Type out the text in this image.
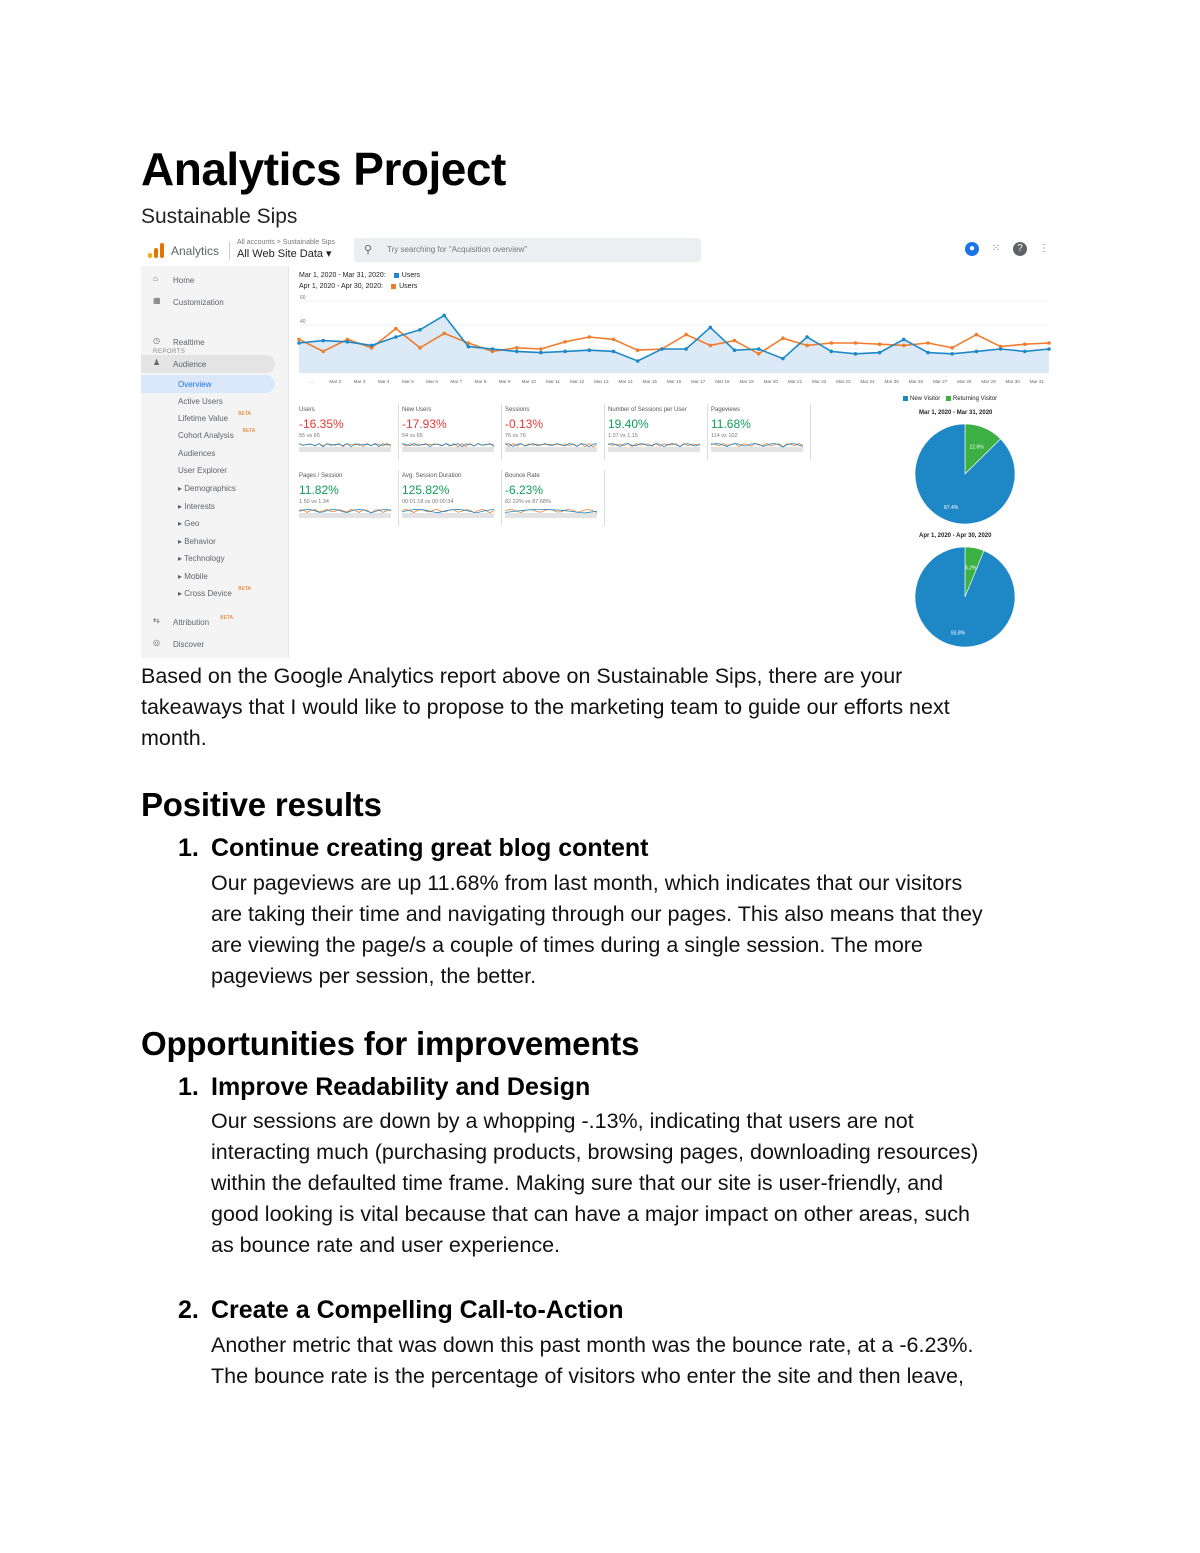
Analytics Project
Sustainable Sips
Analytics
All accounts > Sustainable Sips
All Web Site Data ▾	⚲ Try searching for "Acquisition overview"	●	⁙	?	⋮
⌂ Home
▦ Customization
◷ Realtime
♟ Audience
Overview
Active Users
Lifetime Value BETA
Cohort Analysis BETA
Audiences
User Explorer
▸ Demographics
▸ Interests
▸ Geo
▸ Behavior
▸ Technology
▸ Mobile
▸ Cross Device BETA
⇆ Attribution BETA
◎ Discover
REPORTS
Mar 1, 2020 - Mar 31, 2020: Users
Apr 1, 2020 - Apr 30, 2020: Users
60
40
...	Mar 2	Mar 3	Mar 4	Mar 5	Mar 6	Mar 7	Mar 8	Mar 9 Mar 10 Mar 11 Mar 12 Mar 13 Mar 14 Mar 15 Mar 16 Mar 17 Mar 18 Mar 19 Mar 20 Mar 21 Mar 22 Mar 23 Mar 24 Mar 25 Mar 26 Mar 27 Mar 28 Mar 29 Mar 30 Mar 31
Users
-16.35%
55 vs 65
New Users
-17.93%
54 vs 65
Sessions
-0.13%
76 vs 76
Number of Sessions per User
19.40%
1.37 vs 1.15
Pageviews
11.68%
114 vs 102
Pages / Session
11.82%
1.50 vs 1.34
Avg. Session Duration
125.82%
00:01:18 vs 00:00:34
Bounce Rate
-6.23%
82.22% vs 87.68%
New Visitor Returning Visitor
Mar 1, 2020 - Mar 31, 2020
12.6%
87.4%
Apr 1, 2020 - Apr 30, 2020
6.2%
93.8%
Based on the Google Analytics report above on Sustainable Sips, there are your
takeaways that I would like to propose to the marketing team to guide our efforts next
month.
Positive results
1. Continue creating great blog content
Our pageviews are up 11.68% from last month, which indicates that our visitors
are taking their time and navigating through our pages. This also means that they
are viewing the page/s a couple of times during a single session. The more
pageviews per session, the better.
Opportunities for improvements
1. Improve Readability and Design
Our sessions are down by a whopping -.13%, indicating that users are not
interacting much (purchasing products, browsing pages, downloading resources)
within the defaulted time frame. Making sure that our site is user-friendly, and
good looking is vital because that can have a major impact on other areas, such
as bounce rate and user experience.
2. Create a Compelling Call-to-Action
Another metric that was down this past month was the bounce rate, at a -6.23%.
The bounce rate is the percentage of visitors who enter the site and then leave,
